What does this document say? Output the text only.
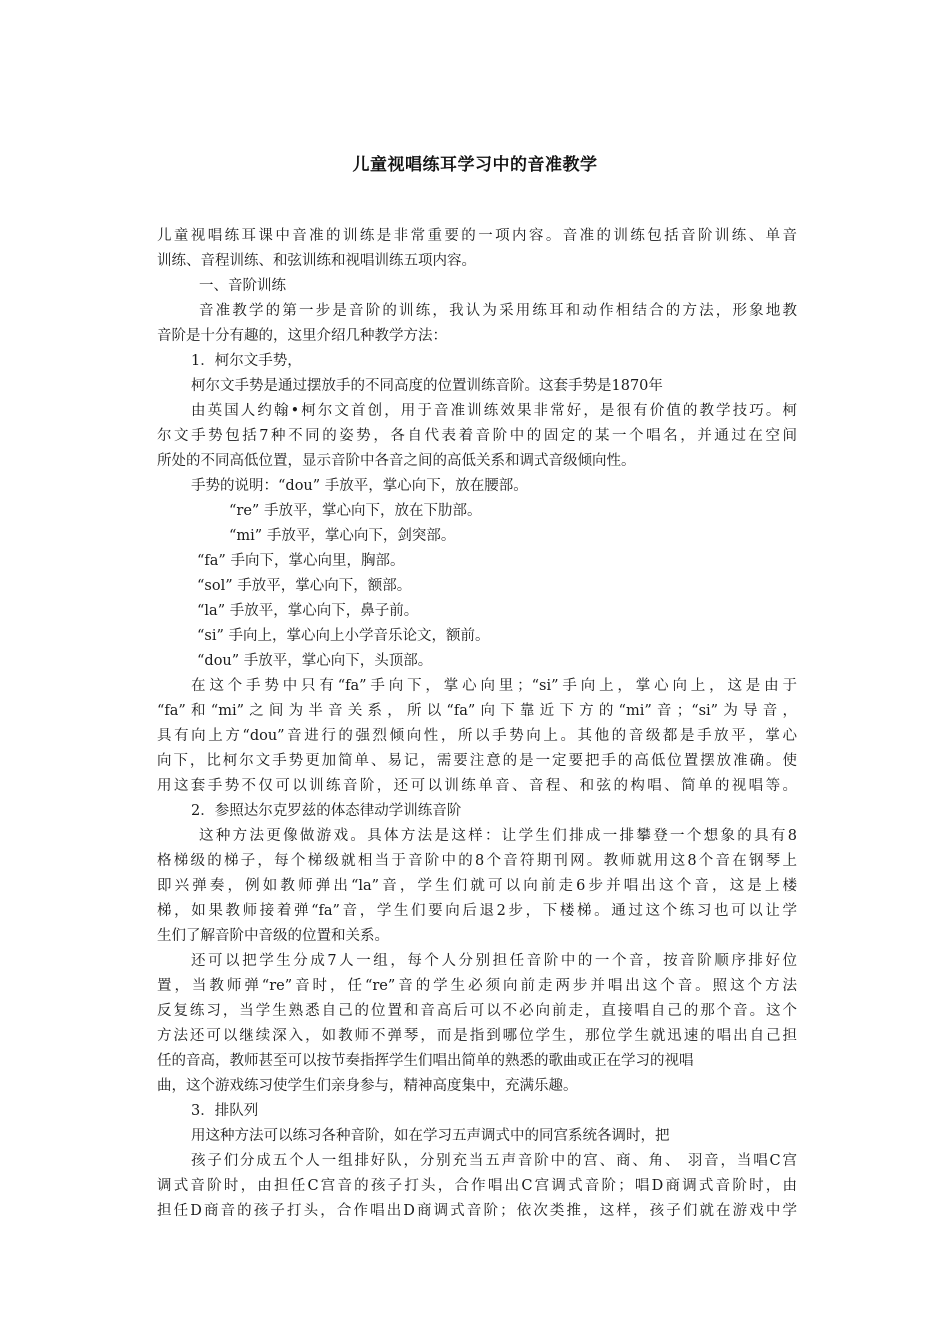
儿童视唱练耳学习中的音准教学
儿童视唱练耳课中音准的训练是非常重要的一项内容。音准的训练包括音阶训练、单音
训练、音程训练、和弦训练和视唱训练五项内容。
一、音阶训练
音准教学的第一步是音阶的训练，我认为采用练耳和动作相结合的方法，形象地教
音阶是十分有趣的，这里介绍几种教学方法：
1．柯尔文手势，
柯尔文手势是通过摆放手的不同高度的位置训练音阶。这套手势是1870年
由英国人约翰•柯尔文首创，用于音准训练效果非常好，是很有价值的教学技巧。柯
尔文手势包括7种不同的姿势，各自代表着音阶中的固定的某一个唱名，并通过在空间
所处的不同高低位置，显示音阶中各音之间的高低关系和调式音级倾向性。
手势的说明：“dou” 手放平，掌心向下，放在腰部。
“re” 手放平，掌心向下，放在下肋部。
“mi” 手放平，掌心向下，剑突部。
“fa” 手向下，掌心向里，胸部。
“sol” 手放平，掌心向下，额部。
“la” 手放平，掌心向下，鼻子前。
“si” 手向上，掌心向上小学音乐论文，额前。
“dou” 手放平，掌心向下，头顶部。
在这个手势中只有“fa”手向下，掌心向里；“si”手向上，掌心向上，这是由于
“fa”和“mi”之间为半音关系，所以“fa”向下靠近下方的“mi”音；“si”为导音，
具有向上方“dou”音进行的强烈倾向性，所以手势向上。其他的音级都是手放平，掌心
向下，比柯尔文手势更加简单、易记，需要注意的是一定要把手的高低位置摆放准确。使
用这套手势不仅可以训练音阶，还可以训练单音、音程、和弦的构唱、简单的视唱等。
2．参照达尔克罗兹的体态律动学训练音阶
这种方法更像做游戏。具体方法是这样：让学生们排成一排攀登一个想象的具有8
格梯级的梯子，每个梯级就相当于音阶中的8个音符期刊网。教师就用这8个音在钢琴上
即兴弹奏，例如教师弹出“la”音，学生们就可以向前走6步并唱出这个音，这是上楼
梯，如果教师接着弹“fa”音，学生们要向后退2步，下楼梯。通过这个练习也可以让学
生们了解音阶中音级的位置和关系。
还可以把学生分成7人一组，每个人分别担任音阶中的一个音，按音阶顺序排好位
置，当教师弹“re”音时，任“re”音的学生必须向前走两步并唱出这个音。照这个方法
反复练习，当学生熟悉自己的位置和音高后可以不必向前走，直接唱自己的那个音。这个
方法还可以继续深入，如教师不弹琴，而是指到哪位学生，那位学生就迅速的唱出自己担
任的音高，教师甚至可以按节奏指挥学生们唱出简单的熟悉的歌曲或正在学习的视唱
曲，这个游戏练习使学生们亲身参与，精神高度集中，充满乐趣。
3．排队列
用这种方法可以练习各种音阶，如在学习五声调式中的同宫系统各调时，把
孩子们分成五个人一组排好队，分别充当五声音阶中的宫、商、角、 羽音，当唱C宫
调式音阶时，由担任C宫音的孩子打头，合作唱出C宫调式音阶；唱D商调式音阶时，由
担任D商音的孩子打头，合作唱出D商调式音阶；依次类推，这样，孩子们就在游戏中学
